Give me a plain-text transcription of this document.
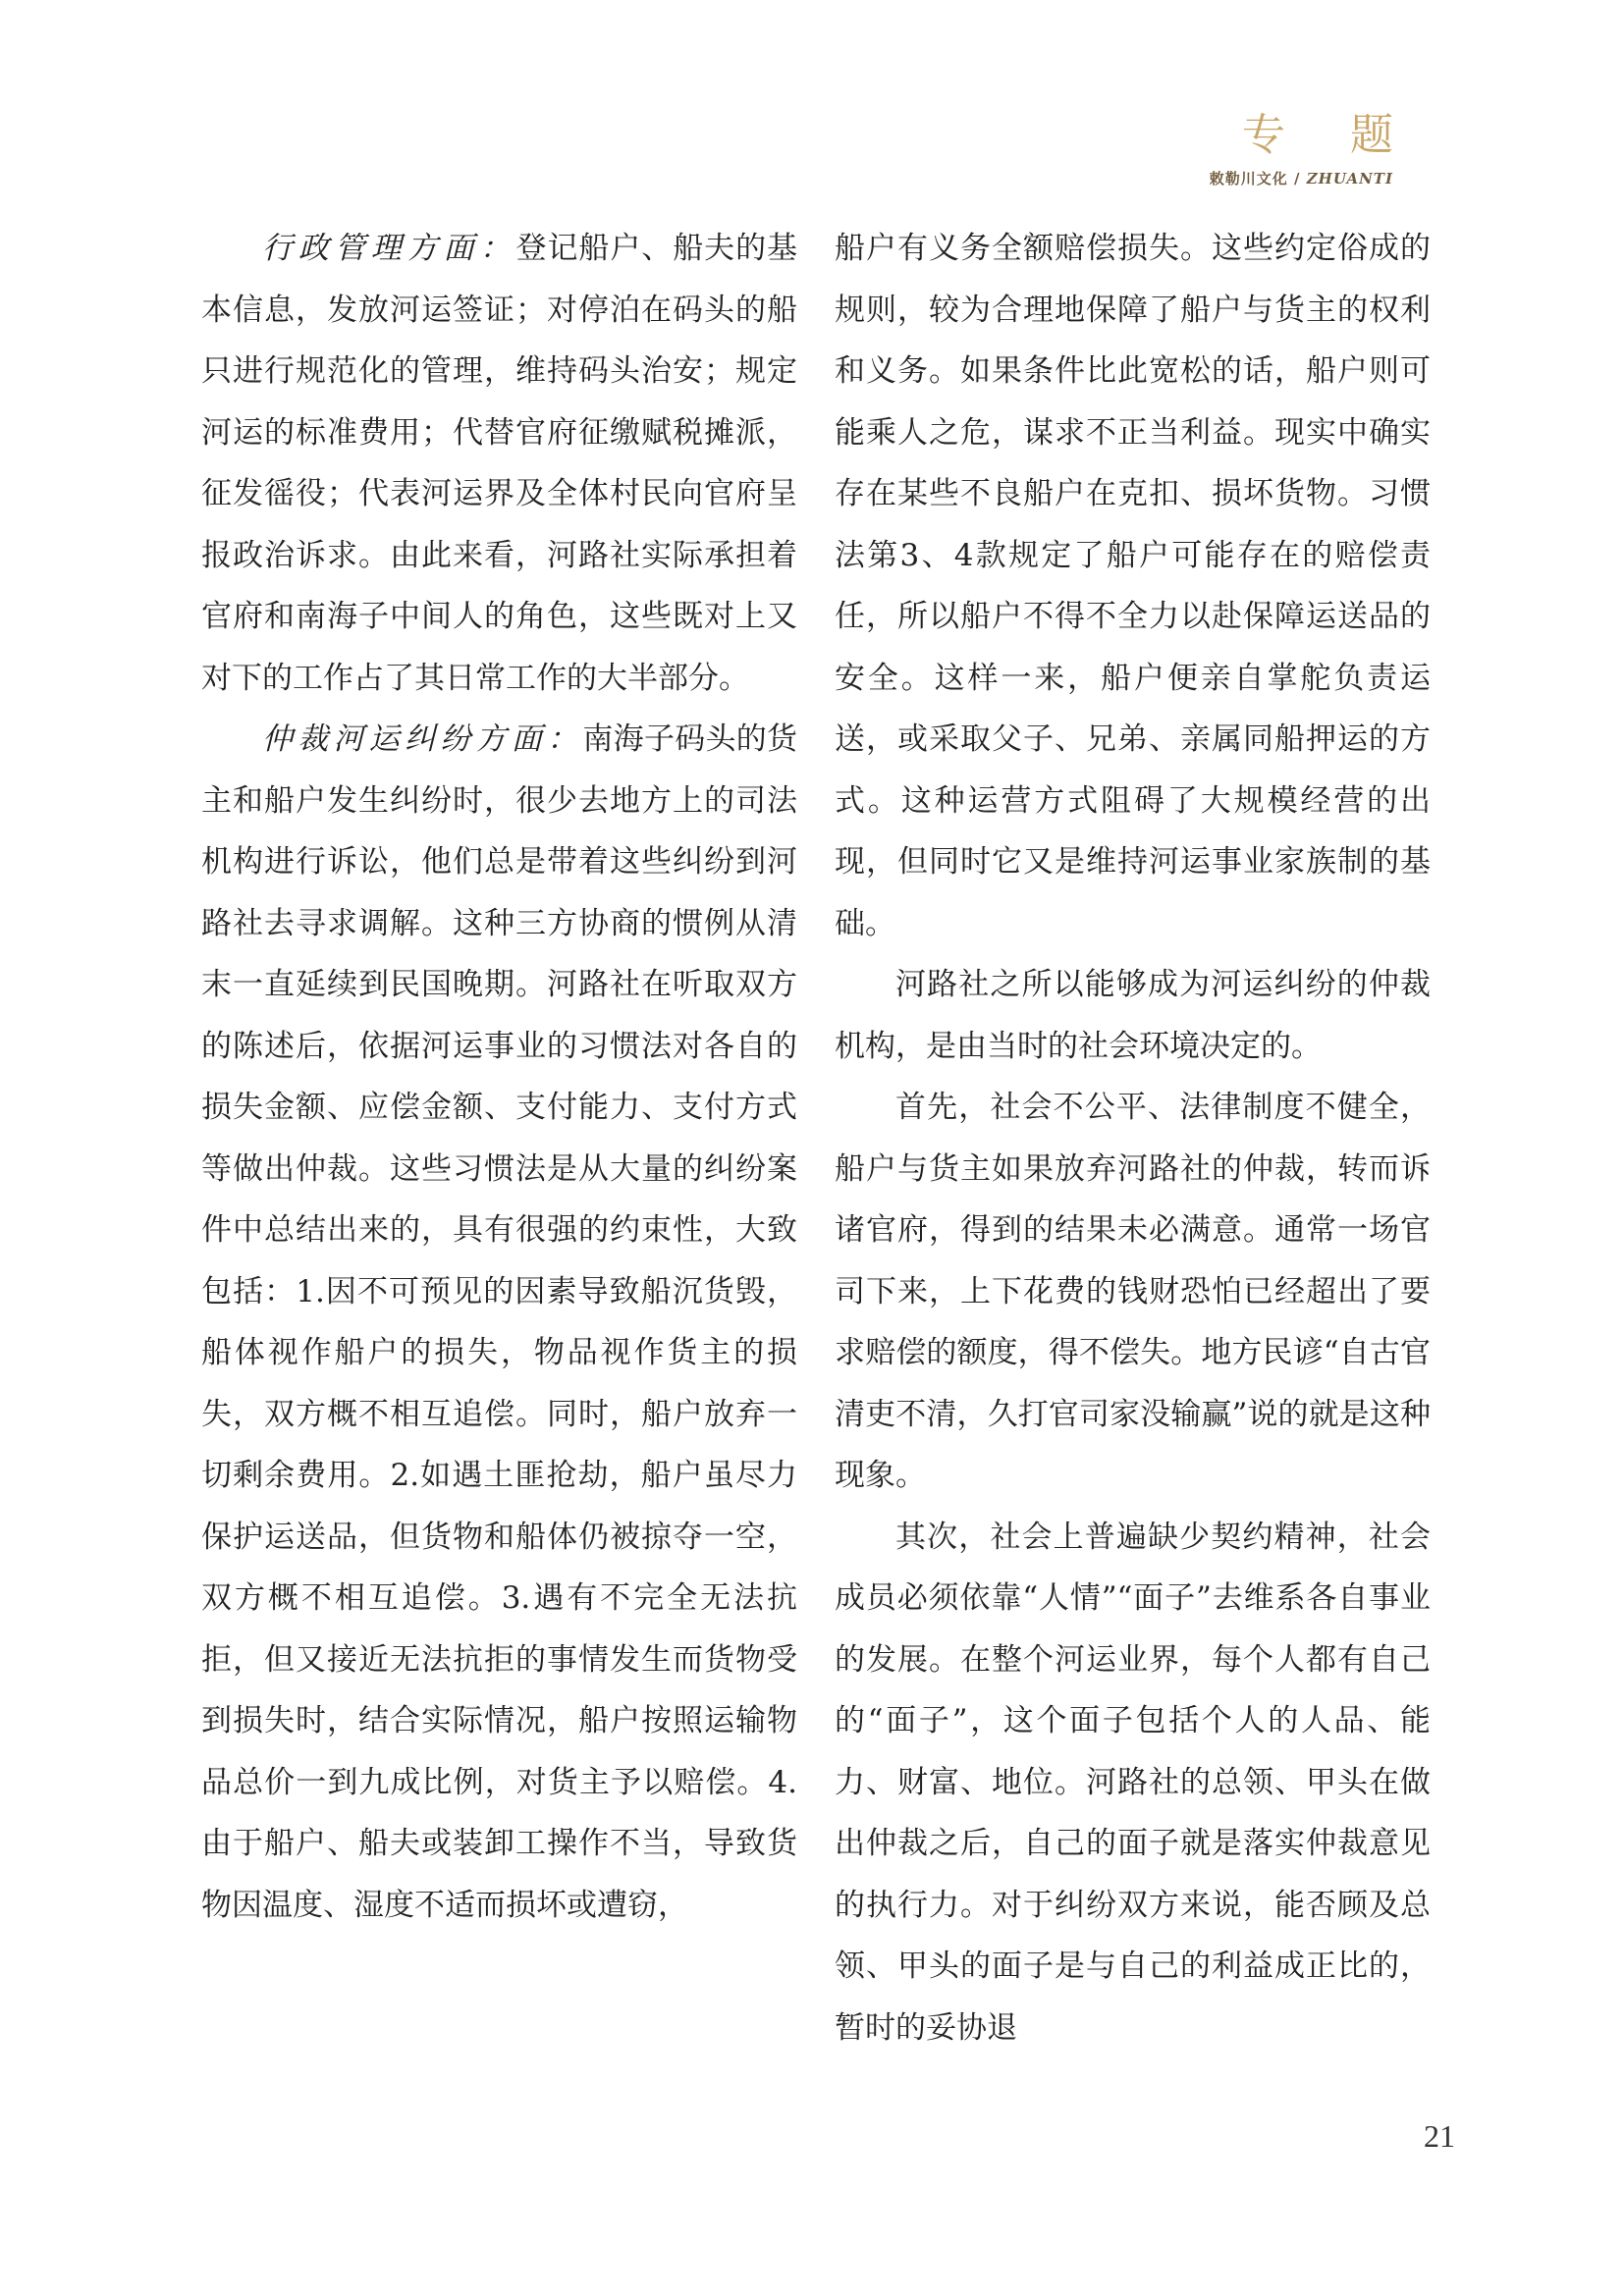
专 题
敕勒川文化 / ZHUANTI

行政管理方面：登记船户、船夫的基本信息，发放河运签证；对停泊在码头的船只进行规范化的管理，维持码头治安；规定河运的标准费用；代替官府征缴赋税摊派，征发徭役；代表河运界及全体村民向官府呈报政治诉求。由此来看，河路社实际承担着官府和南海子中间人的角色，这些既对上又对下的工作占了其日常工作的大半部分。

仲裁河运纠纷方面：南海子码头的货主和船户发生纠纷时，很少去地方上的司法机构进行诉讼，他们总是带着这些纠纷到河路社去寻求调解。这种三方协商的惯例从清末一直延续到民国晚期。河路社在听取双方的陈述后，依据河运事业的习惯法对各自的损失金额、应偿金额、支付能力、支付方式等做出仲裁。这些习惯法是从大量的纠纷案件中总结出来的，具有很强的约束性，大致包括：1.因不可预见的因素导致船沉货毁，船体视作船户的损失，物品视作货主的损失，双方概不相互追偿。同时，船户放弃一切剩余费用。2.如遇土匪抢劫，船户虽尽力保护运送品，但货物和船体仍被掠夺一空，双方概不相互追偿。3.遇有不完全无法抗拒，但又接近无法抗拒的事情发生而货物受到损失时，结合实际情况，船户按照运输物品总价一到九成比例，对货主予以赔偿。4.由于船户、船夫或装卸工操作不当，导致货物因温度、湿度不适而损坏或遭窃，

船户有义务全额赔偿损失。这些约定俗成的规则，较为合理地保障了船户与货主的权利和义务。如果条件比此宽松的话，船户则可能乘人之危，谋求不正当利益。现实中确实存在某些不良船户在克扣、损坏货物。习惯法第3、4款规定了船户可能存在的赔偿责任，所以船户不得不全力以赴保障运送品的安全。这样一来，船户便亲自掌舵负责运送，或采取父子、兄弟、亲属同船押运的方式。这种运营方式阻碍了大规模经营的出现，但同时它又是维持河运事业家族制的基础。

河路社之所以能够成为河运纠纷的仲裁机构，是由当时的社会环境决定的。

首先，社会不公平、法律制度不健全，船户与货主如果放弃河路社的仲裁，转而诉诸官府，得到的结果未必满意。通常一场官司下来，上下花费的钱财恐怕已经超出了要求赔偿的额度，得不偿失。地方民谚“自古官清吏不清，久打官司家没输赢”说的就是这种现象。

其次，社会上普遍缺少契约精神，社会成员必须依靠“人情”“面子”去维系各自事业的发展。在整个河运业界，每个人都有自己的“面子”，这个面子包括个人的人品、能力、财富、地位。河路社的总领、甲头在做出仲裁之后，自己的面子就是落实仲裁意见的执行力。对于纠纷双方来说，能否顾及总领、甲头的面子是与自己的利益成正比的，暂时的妥协退

21
